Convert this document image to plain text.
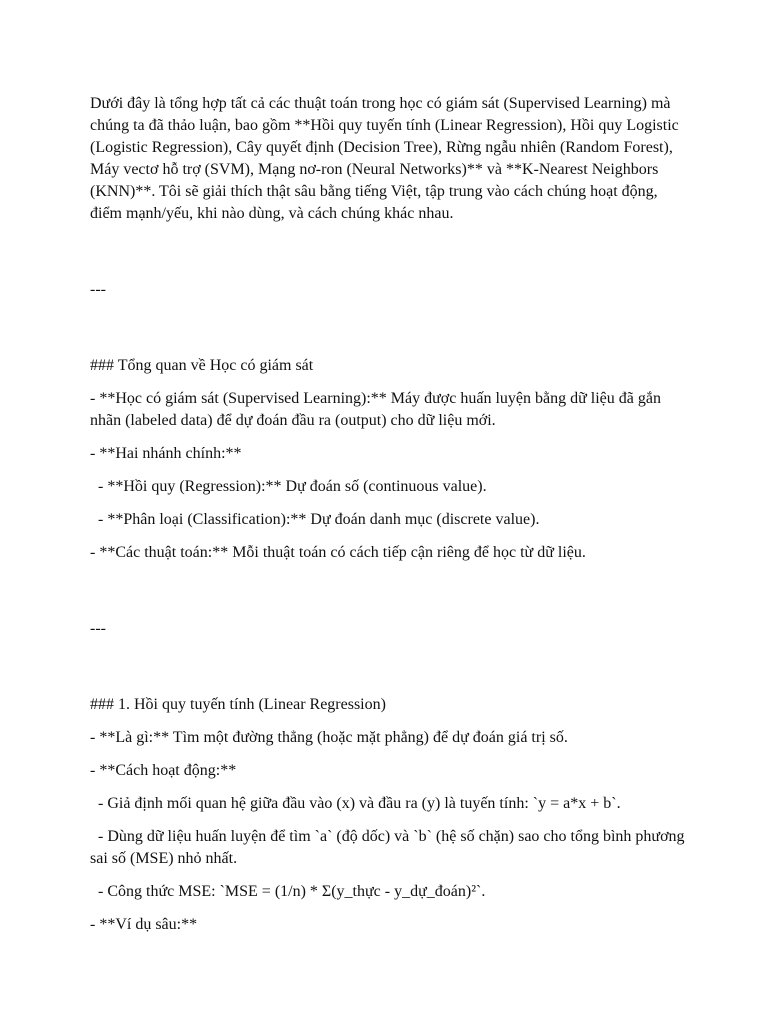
Dưới đây là tổng hợp tất cả các thuật toán trong học có giám sát (Supervised Learning) mà chúng ta đã thảo luận, bao gồm **Hồi quy tuyến tính (Linear Regression), Hồi quy Logistic (Logistic Regression), Cây quyết định (Decision Tree), Rừng ngẫu nhiên (Random Forest), Máy vectơ hỗ trợ (SVM), Mạng nơ-ron (Neural Networks)** và **K-Nearest Neighbors (KNN)**. Tôi sẽ giải thích thật sâu bằng tiếng Việt, tập trung vào cách chúng hoạt động, điểm mạnh/yếu, khi nào dùng, và cách chúng khác nhau.

---

### Tổng quan về Học có giám sát

- **Học có giám sát (Supervised Learning):** Máy được huấn luyện bằng dữ liệu đã gắn nhãn (labeled data) để dự đoán đầu ra (output) cho dữ liệu mới.

- **Hai nhánh chính:**

- **Hồi quy (Regression):** Dự đoán số (continuous value).

- **Phân loại (Classification):** Dự đoán danh mục (discrete value).

- **Các thuật toán:** Mỗi thuật toán có cách tiếp cận riêng để học từ dữ liệu.

---

### 1. Hồi quy tuyến tính (Linear Regression)

- **Là gì:** Tìm một đường thẳng (hoặc mặt phẳng) để dự đoán giá trị số.

- **Cách hoạt động:**

- Giả định mối quan hệ giữa đầu vào (x) và đầu ra (y) là tuyến tính: `y = a*x + b`.

- Dùng dữ liệu huấn luyện để tìm `a` (độ dốc) và `b` (hệ số chặn) sao cho tổng bình phương sai số (MSE) nhỏ nhất.

- Công thức MSE: `MSE = (1/n) * Σ(y_thực - y_dự_đoán)²`.

- **Ví dụ sâu:**
